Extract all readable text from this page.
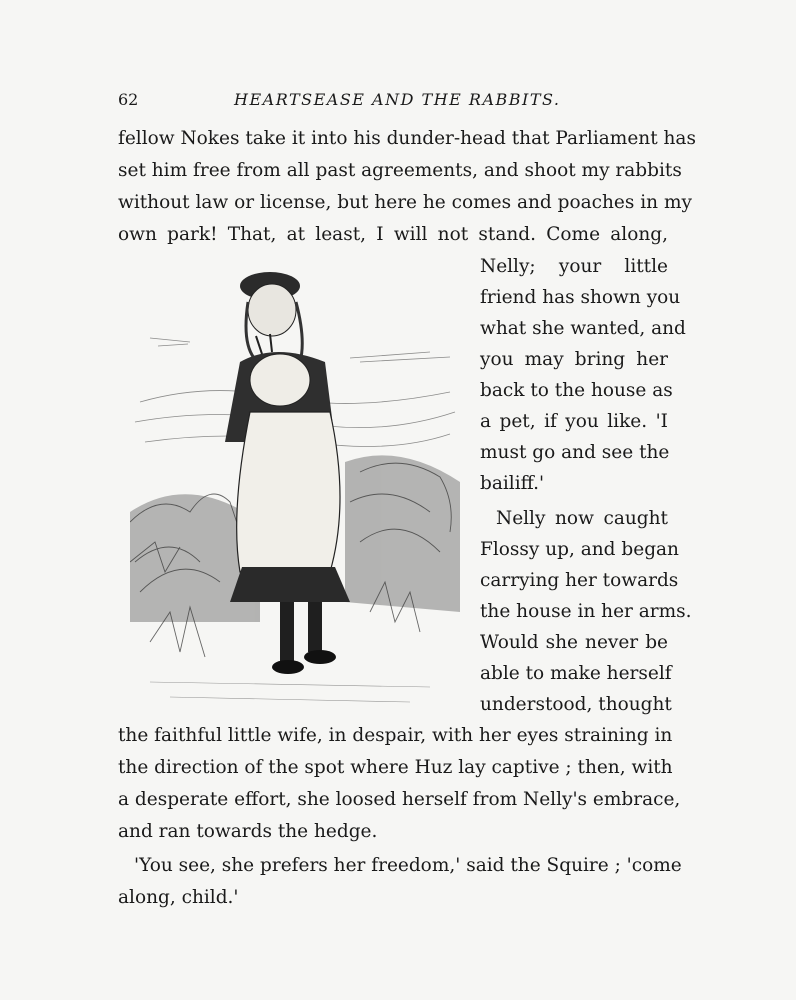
62	HEARTSEASE AND THE RABBITS.
fellow Nokes take it into his dunder-head that Parliament has
set him free from all past agreements, and shoot my rabbits
without law or license, but here he comes and poaches in my
own park! That, at least, I will not stand. Come along,
Nelly; your little
friend has shown you
what she wanted, and
you may bring her
back to the house as
a pet, if you like. 'I
must go and see the
bailiff.'
Nelly now caught
Flossy up, and began
carrying her towards
the house in her arms.
Would she never be
able to make herself
understood, thought
the faithful little wife, in despair, with her eyes straining in
the direction of the spot where Huz lay captive ; then, with
a desperate effort, she loosed herself from Nelly's embrace,
and ran towards the hedge.
'You see, she prefers her freedom,' said the Squire ; 'come
along, child.'
